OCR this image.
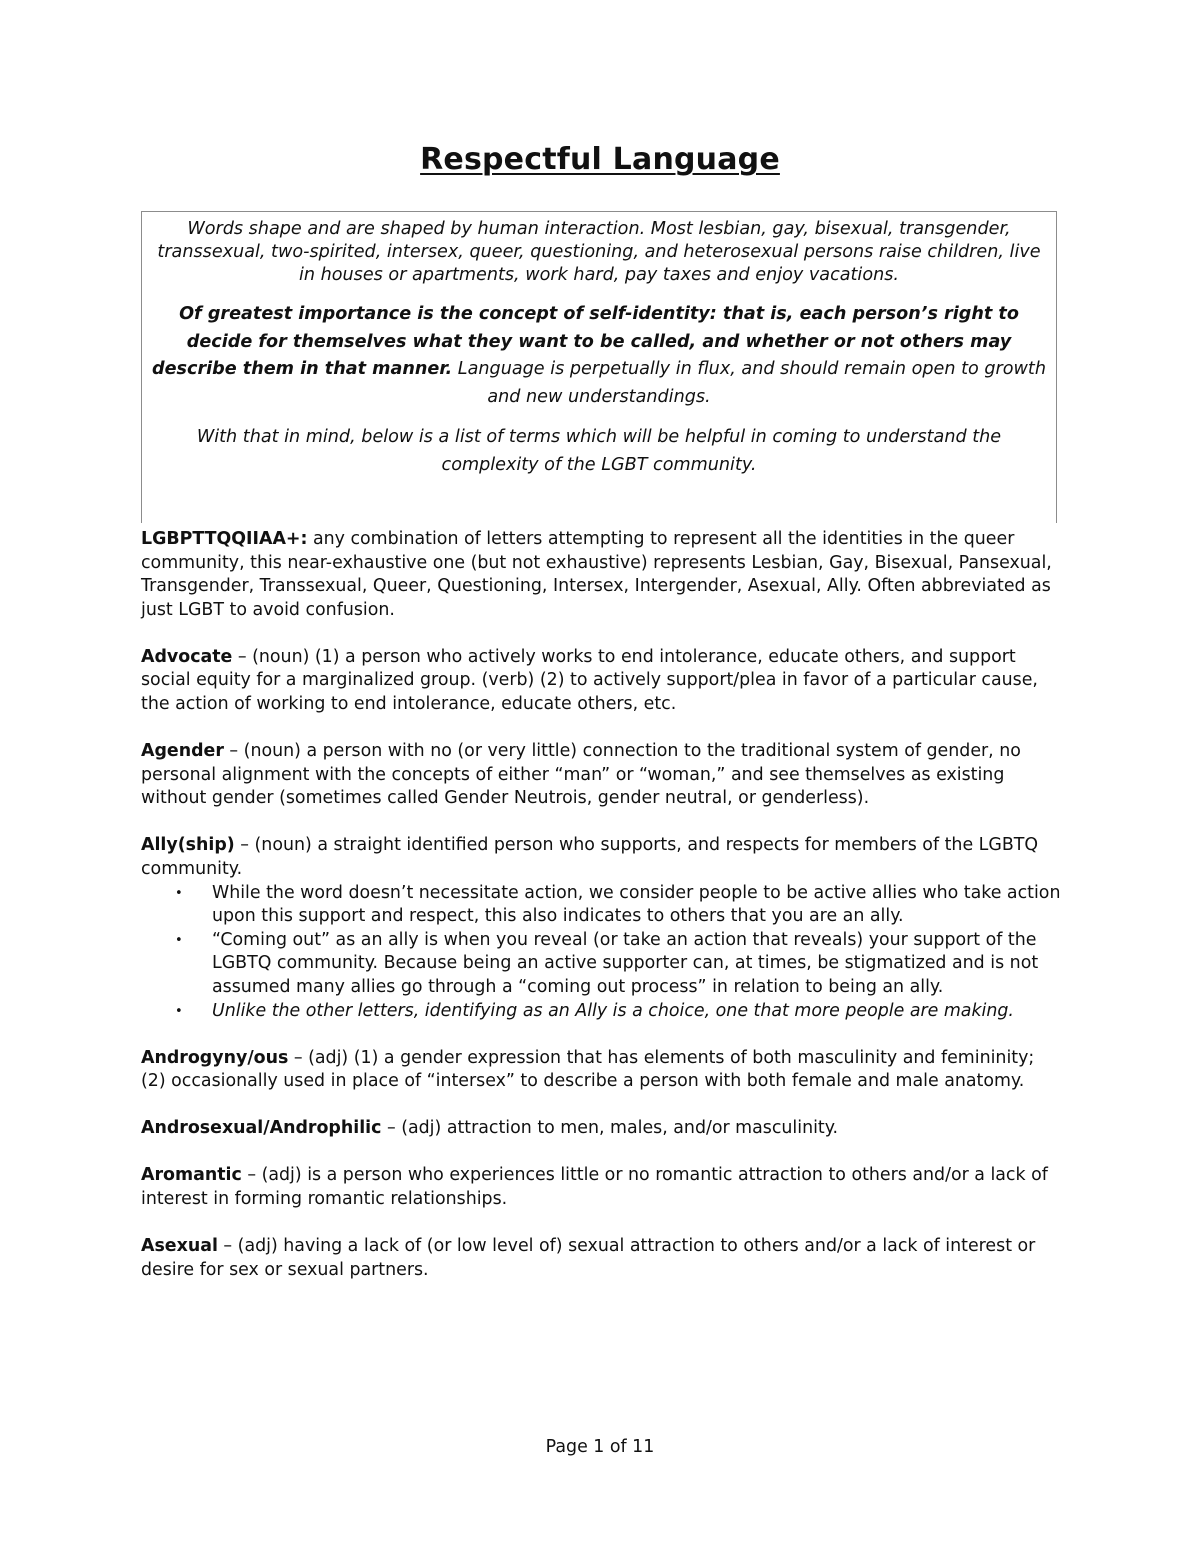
Respectful Language

Words shape and are shaped by human interaction. Most lesbian, gay, bisexual, transgender, transsexual, two-spirited, intersex, queer, questioning, and heterosexual persons raise children, live in houses or apartments, work hard, pay taxes and enjoy vacations.

Of greatest importance is the concept of self-identity: that is, each person’s right to decide for themselves what they want to be called, and whether or not others may describe them in that manner. Language is perpetually in flux, and should remain open to growth and new understandings.

With that in mind, below is a list of terms which will be helpful in coming to understand the complexity of the LGBT community.

LGBPTTQQIIAA+: any combination of letters attempting to represent all the identities in the queer community, this near-exhaustive one (but not exhaustive) represents Lesbian, Gay, Bisexual, Pansexual, Transgender, Transsexual, Queer, Questioning, Intersex, Intergender, Asexual, Ally. Often abbreviated as just LGBT to avoid confusion.

Advocate – (noun) (1) a person who actively works to end intolerance, educate others, and support social equity for a marginalized group. (verb) (2) to actively support/plea in favor of a particular cause, the action of working to end intolerance, educate others, etc.

Agender – (noun) a person with no (or very little) connection to the traditional system of gender, no personal alignment with the concepts of either “man” or “woman,” and see themselves as existing without gender (sometimes called Gender Neutrois, gender neutral, or genderless).

Ally(ship) – (noun) a straight identified person who supports, and respects for members of the LGBTQ community.
• While the word doesn’t necessitate action, we consider people to be active allies who take action upon this support and respect, this also indicates to others that you are an ally.
• “Coming out” as an ally is when you reveal (or take an action that reveals) your support of the LGBTQ community. Because being an active supporter can, at times, be stigmatized and is not assumed many allies go through a “coming out process” in relation to being an ally.
• Unlike the other letters, identifying as an Ally is a choice, one that more people are making.

Androgyny/ous – (adj) (1) a gender expression that has elements of both masculinity and femininity; (2) occasionally used in place of “intersex” to describe a person with both female and male anatomy.

Androsexual/Androphilic – (adj) attraction to men, males, and/or masculinity.

Aromantic – (adj) is a person who experiences little or no romantic attraction to others and/or a lack of interest in forming romantic relationships.

Asexual – (adj) having a lack of (or low level of) sexual attraction to others and/or a lack of interest or desire for sex or sexual partners.

Page 1 of 11
